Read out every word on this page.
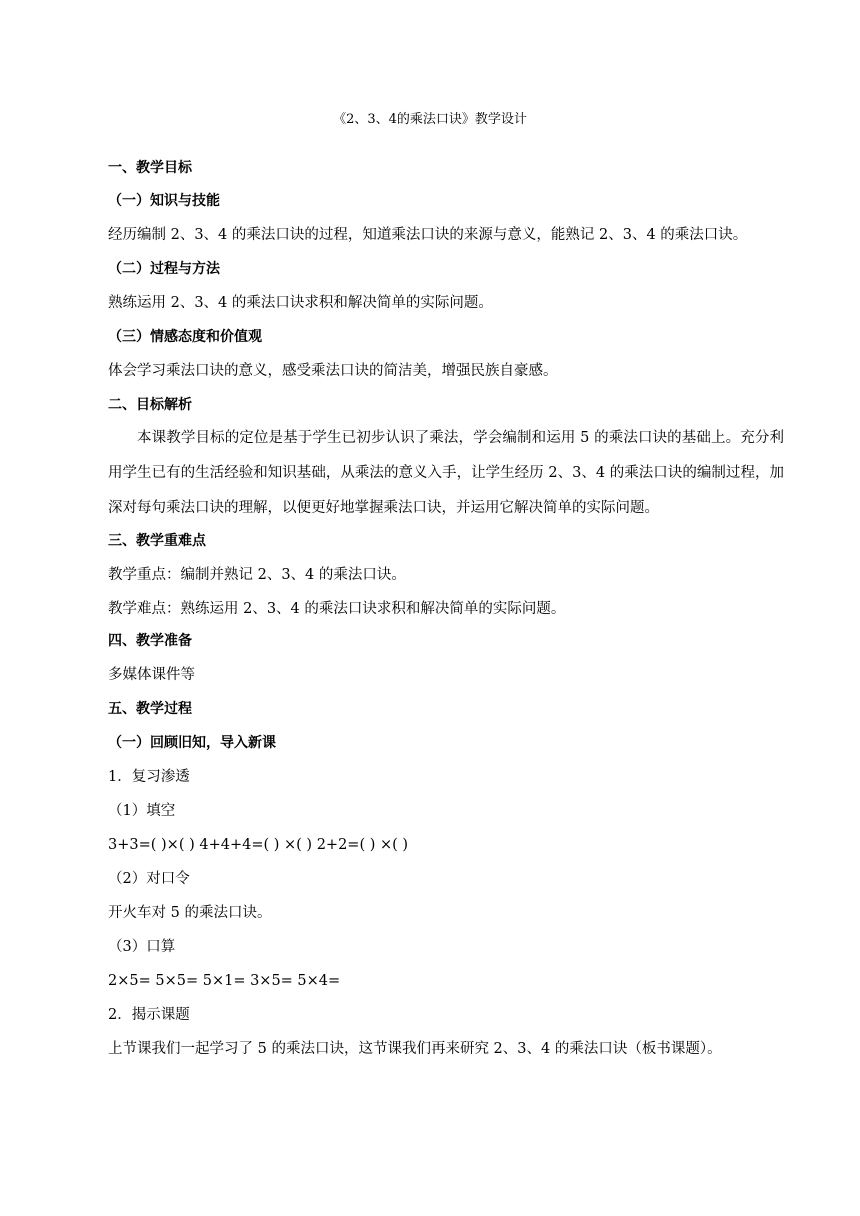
《2、3、4的乘法口诀》教学设计
一、教学目标
（一）知识与技能
经历编制 2、3、4 的乘法口诀的过程，知道乘法口诀的来源与意义，能熟记 2、3、4 的乘法口诀。
（二）过程与方法
熟练运用 2、3、4 的乘法口诀求积和解决简单的实际问题。
（三）情感态度和价值观
体会学习乘法口诀的意义，感受乘法口诀的简洁美，增强民族自豪感。
二、目标解析
本课教学目标的定位是基于学生已初步认识了乘法，学会编制和运用 5 的乘法口诀的基础上。充分利用学生已有的生活经验和知识基础，从乘法的意义入手，让学生经历 2、3、4 的乘法口诀的编制过程，加深对每句乘法口诀的理解，以便更好地掌握乘法口诀，并运用它解决简单的实际问题。
三、教学重难点
教学重点：编制并熟记 2、3、4 的乘法口诀。
教学难点：熟练运用 2、3、4 的乘法口诀求积和解决简单的实际问题。
四、教学准备
多媒体课件等
五、教学过程
（一）回顾旧知，导入新课
1．复习渗透
（1）填空
3+3=( )×( ) 4+4+4=( ) ×( ) 2+2=( ) ×( )
（2）对口令
开火车对 5 的乘法口诀。
（3）口算
2×5= 5×5= 5×1= 3×5= 5×4=
2．揭示课题
上节课我们一起学习了 5 的乘法口诀，这节课我们再来研究 2、3、4 的乘法口诀（板书课题）。
